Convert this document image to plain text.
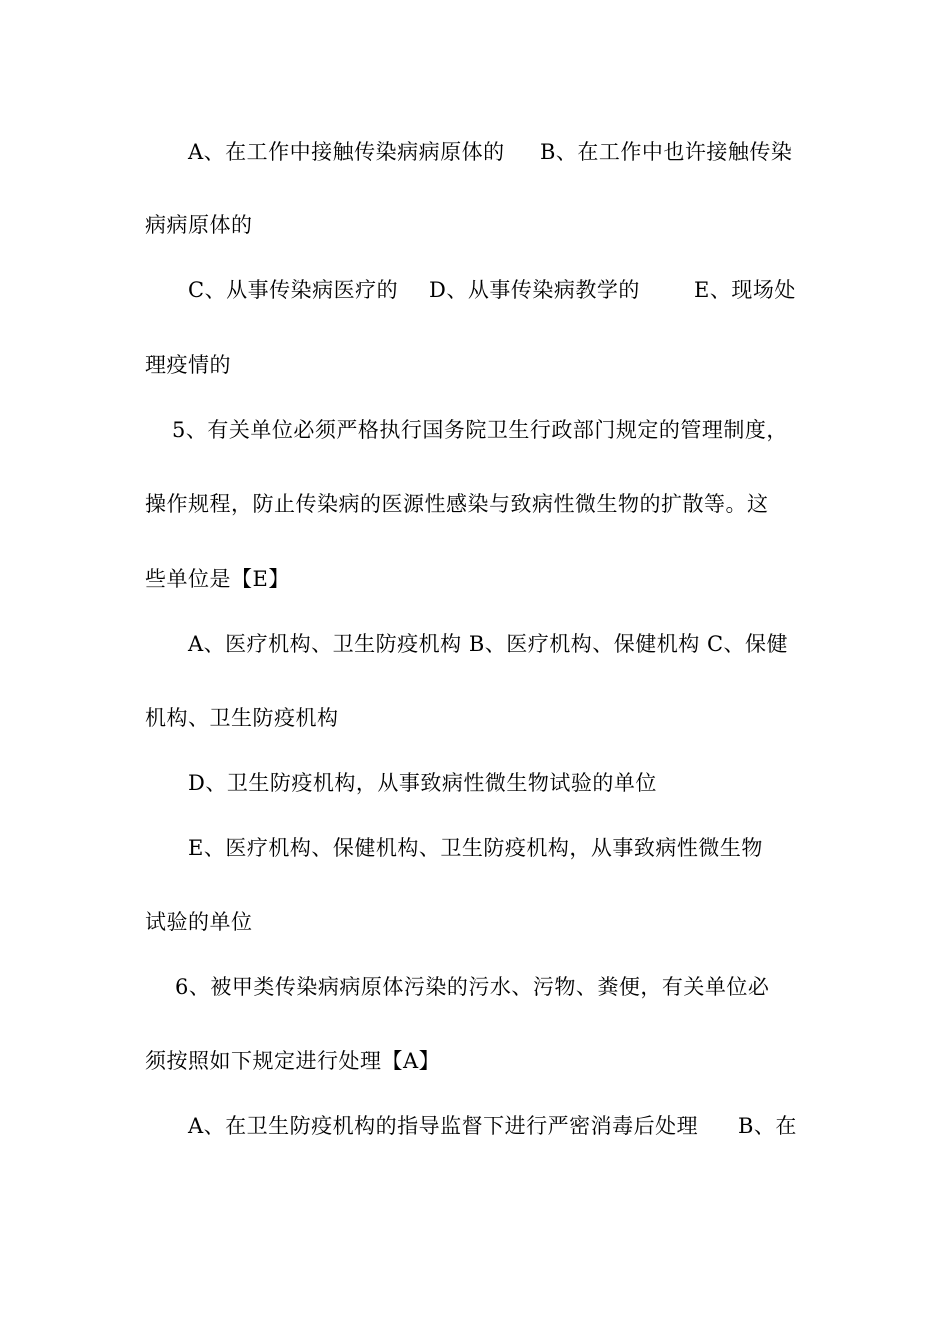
A、在工作中接触传染病病原体的 B、在工作中也许接触传染
病病原体的
C、从事传染病医疗的 D、从事传染病教学的	E、现场处
理疫情的
5、有关单位必须严格执行国务院卫生行政部门规定的管理制度，
操作规程，防止传染病的医源性感染与致病性微生物的扩散等。这
些单位是【E】
A、医疗机构、卫生防疫机构 B、医疗机构、保健机构 C、保健
机构、卫生防疫机构
D、卫生防疫机构，从事致病性微生物试验的单位
E、医疗机构、保健机构、卫生防疫机构，从事致病性微生物
试验的单位
6、被甲类传染病病原体污染的污水、污物、粪便，有关单位必
须按照如下规定进行处理【A】
A、在卫生防疫机构的指导监督下进行严密消毒后处理 B、在
